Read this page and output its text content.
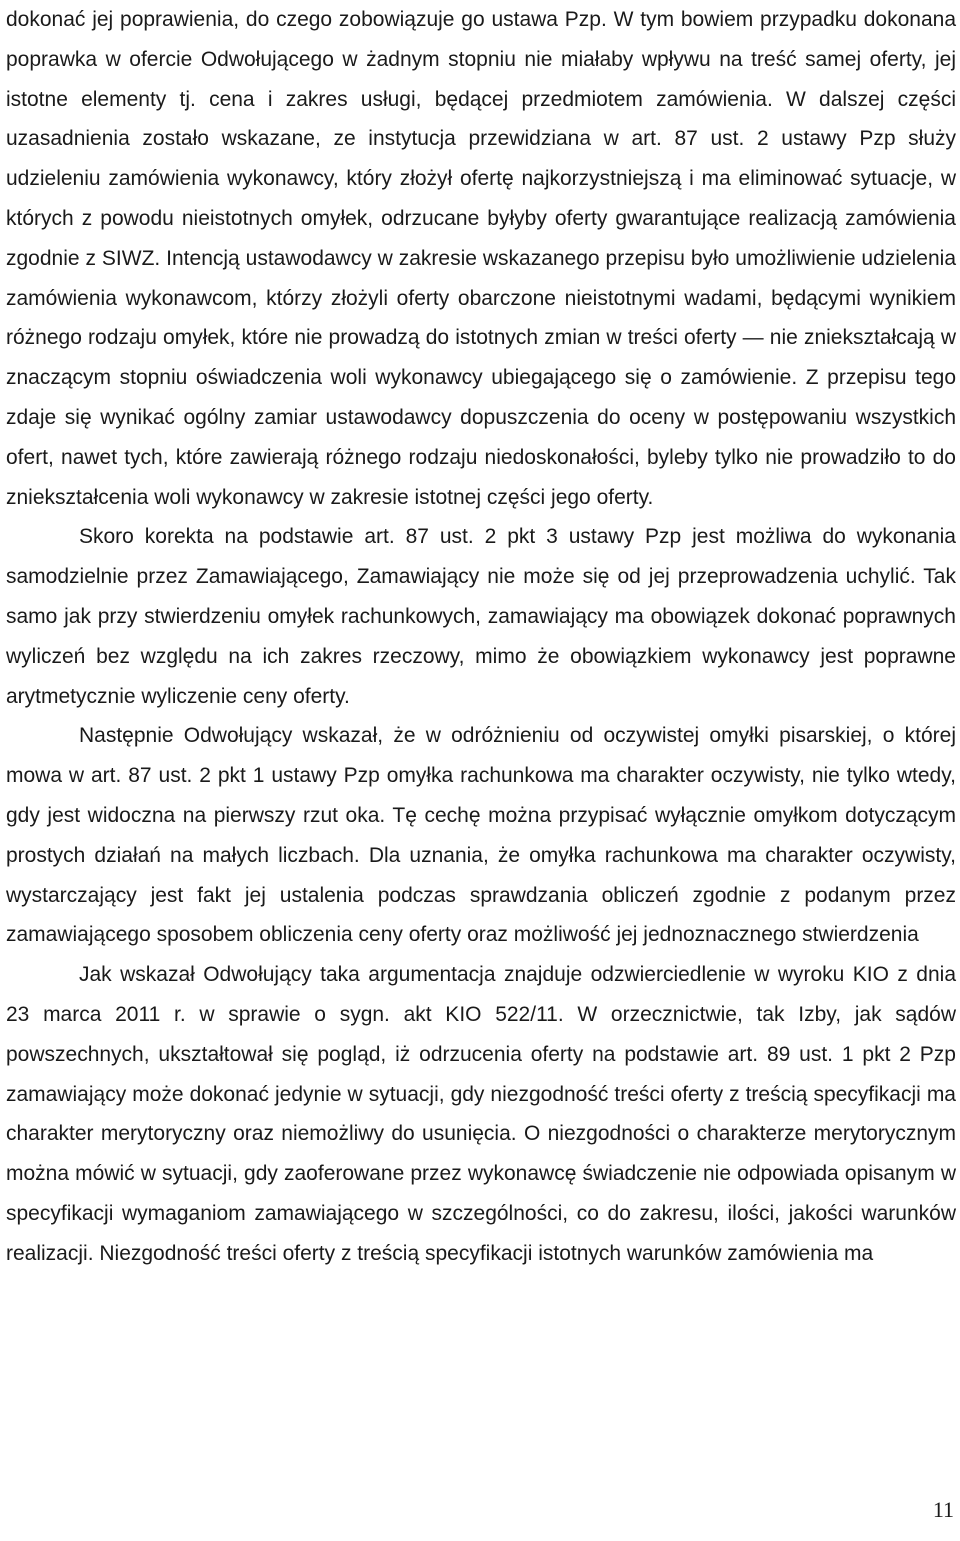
dokonać jej poprawienia, do czego zobowiązuje go ustawa Pzp. W tym bowiem przypadku dokonana poprawka w ofercie Odwołującego w żadnym stopniu nie miałaby wpływu na treść samej oferty, jej istotne elementy tj. cena i zakres usługi, będącej przedmiotem zamówienia. W dalszej części uzasadnienia zostało wskazane, ze instytucja przewidziana w art. 87 ust. 2 ustawy Pzp służy udzieleniu zamówienia wykonawcy, który złożył ofertę najkorzystniejszą i ma eliminować sytuacje, w których z powodu nieistotnych omyłek, odrzucane byłyby oferty gwarantujące realizacją zamówienia zgodnie z SIWZ. Intencją ustawodawcy w zakresie wskazanego przepisu było umożliwienie udzielenia zamówienia wykonawcom, którzy złożyli oferty obarczone nieistotnymi wadami, będącymi wynikiem różnego rodzaju omyłek, które nie prowadzą do istotnych zmian w treści oferty — nie zniekształcają w znaczącym stopniu oświadczenia woli wykonawcy ubiegającego się o zamówienie. Z przepisu tego zdaje się wynikać ogólny zamiar ustawodawcy dopuszczenia do oceny w postępowaniu wszystkich ofert, nawet tych, które zawierają różnego rodzaju niedoskonałości, byleby tylko nie prowadziło to do zniekształcenia woli wykonawcy w zakresie istotnej części jego oferty.

Skoro korekta na podstawie art. 87 ust. 2 pkt 3 ustawy Pzp jest możliwa do wykonania samodzielnie przez Zamawiającego, Zamawiający nie może się od jej przeprowadzenia uchylić. Tak samo jak przy stwierdzeniu omyłek rachunkowych, zamawiający ma obowiązek dokonać poprawnych wyliczeń bez względu na ich zakres rzeczowy, mimo że obowiązkiem wykonawcy jest poprawne arytmetycznie wyliczenie ceny oferty.

Następnie Odwołujący wskazał, że w odróżnieniu od oczywistej omyłki pisarskiej, o której mowa w art. 87 ust. 2 pkt 1 ustawy Pzp omyłka rachunkowa ma charakter oczywisty, nie tylko wtedy, gdy jest widoczna na pierwszy rzut oka. Tę cechę można przypisać wyłącznie omyłkom dotyczącym prostych działań na małych liczbach. Dla uznania, że omyłka rachunkowa ma charakter oczywisty, wystarczający jest fakt jej ustalenia podczas sprawdzania obliczeń zgodnie z podanym przez zamawiającego sposobem obliczenia ceny oferty oraz możliwość jej jednoznacznego stwierdzenia

Jak wskazał Odwołujący taka argumentacja znajduje odzwierciedlenie w wyroku KIO z dnia 23 marca 2011 r. w sprawie o sygn. akt KIO 522/11. W orzecznictwie, tak Izby, jak sądów powszechnych, ukształtował się pogląd, iż odrzucenia oferty na podstawie art. 89 ust. 1 pkt 2 Pzp zamawiający może dokonać jedynie w sytuacji, gdy niezgodność treści oferty z treścią specyfikacji ma charakter merytoryczny oraz niemożliwy do usunięcia. O niezgodności o charakterze merytorycznym można mówić w sytuacji, gdy zaoferowane przez wykonawcę świadczenie nie odpowiada opisanym w specyfikacji wymaganiom zamawiającego w szczególności, co do zakresu, ilości, jakości warunków realizacji. Niezgodność treści oferty z treścią specyfikacji istotnych warunków zamówienia ma

11
